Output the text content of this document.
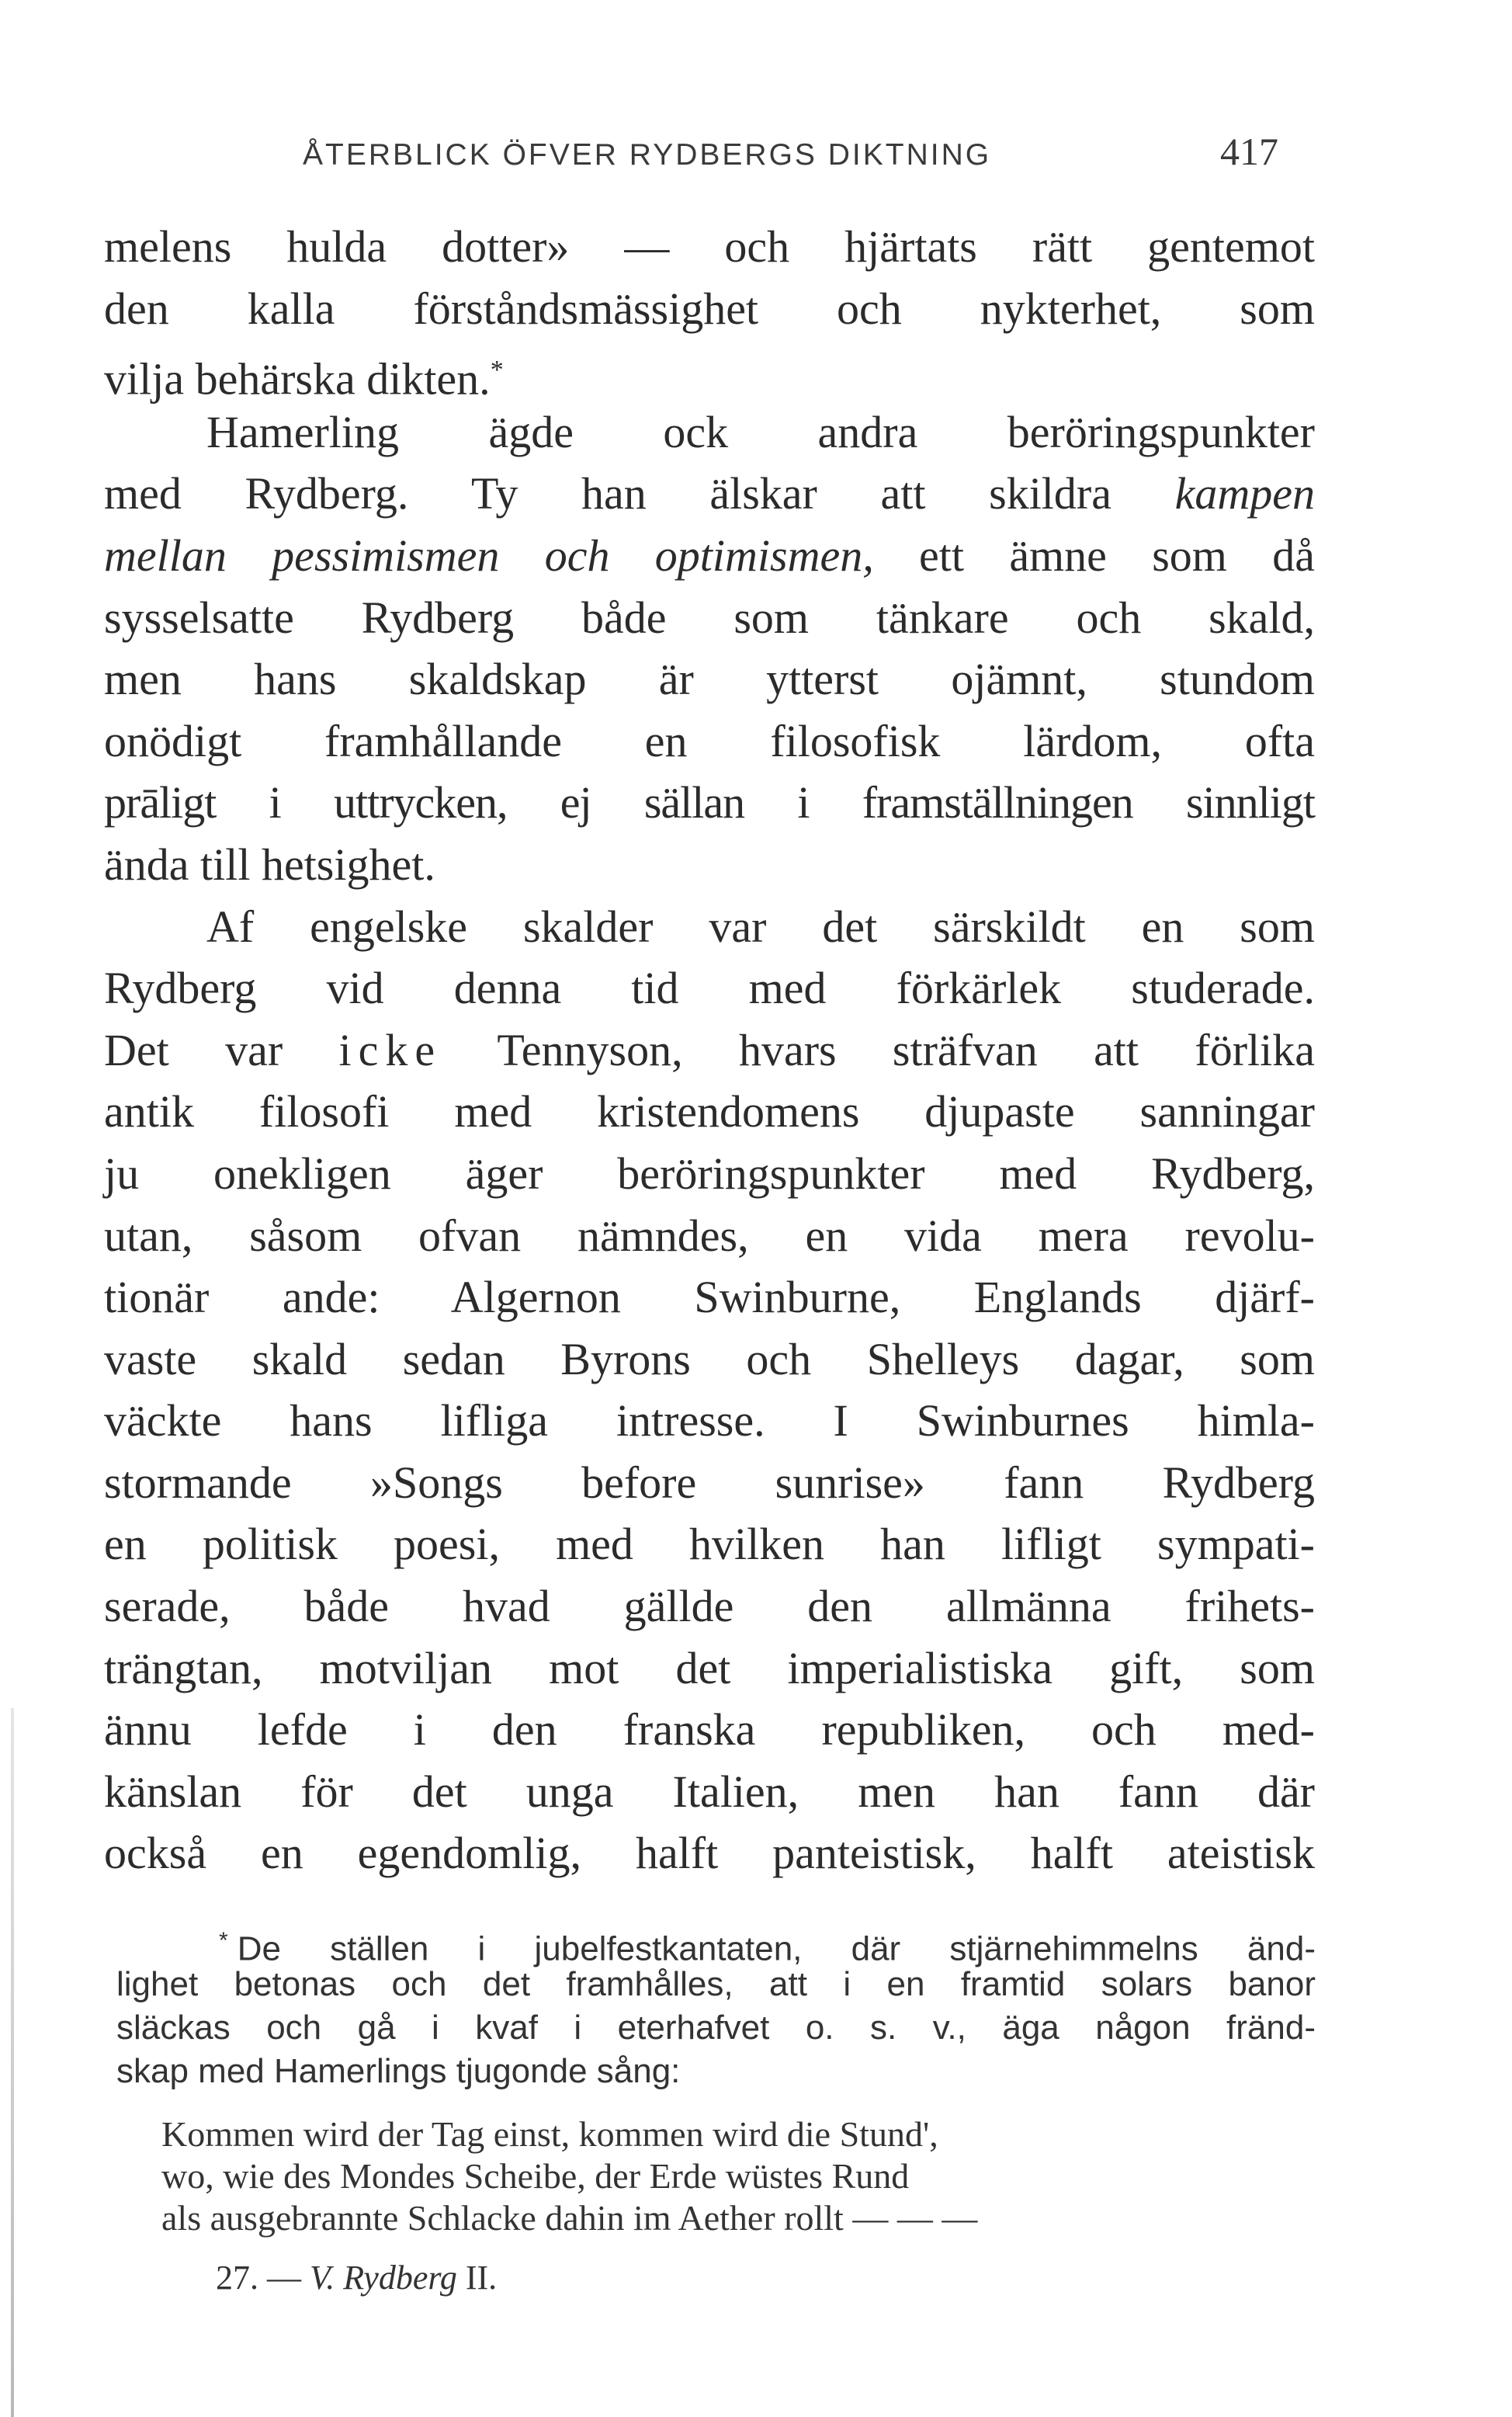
ÅTERBLICK ÖFVER RYDBERGS DIKTNING	417
melens hulda dotter» — och hjärtats rätt gentemot
den kalla förståndsmässighet och nykterhet, som
vilja behärska dikten.*
Hamerling ägde ock andra beröringspunkter
med Rydberg. Ty han älskar att skildra kampen
mellan pessimismen och optimismen, ett ämne som då
sysselsatte Rydberg både som tänkare och skald,
men hans skaldskap är ytterst ojämnt, stundom
onödigt framhållande en filosofisk lärdom, ofta
prāligt i uttrycken, ej sällan i framställningen sinnligt
ända till hetsighet.
Af engelske skalder var det särskildt en som
Rydberg vid denna tid med förkärlek studerade.
Det var icke Tennyson, hvars sträfvan att förlika
antik filosofi med kristendomens djupaste sanningar
ju onekligen äger beröringspunkter med Rydberg,
utan, såsom ofvan nämndes, en vida mera revolu-
tionär ande: Algernon Swinburne, Englands djärf-
vaste skald sedan Byrons och Shelleys dagar, som
väckte hans lifliga intresse. I Swinburnes himla-
stormande »Songs before sunrise» fann Rydberg
en politisk poesi, med hvilken han lifligt sympati-
serade, både hvad gällde den allmänna frihets-
trängtan, motviljan mot det imperialistiska gift, som
ännu lefde i den franska republiken, och med-
känslan för det unga Italien, men han fann där
också en egendomlig, halft panteistisk, halft ateistisk
* De ställen i jubelfestkantaten, där stjärnehimmelns änd-
lighet betonas och det framhålles, att i en framtid solars banor
släckas och gå i kvaf i eterhafvet o. s. v., äga någon fränd-
skap med Hamerlings tjugonde sång:
Kommen wird der Tag einst, kommen wird die Stund',
wo, wie des Mondes Scheibe, der Erde wüstes Rund
als ausgebrannte Schlacke dahin im Aether rollt — — —
27. — V. Rydberg II.
